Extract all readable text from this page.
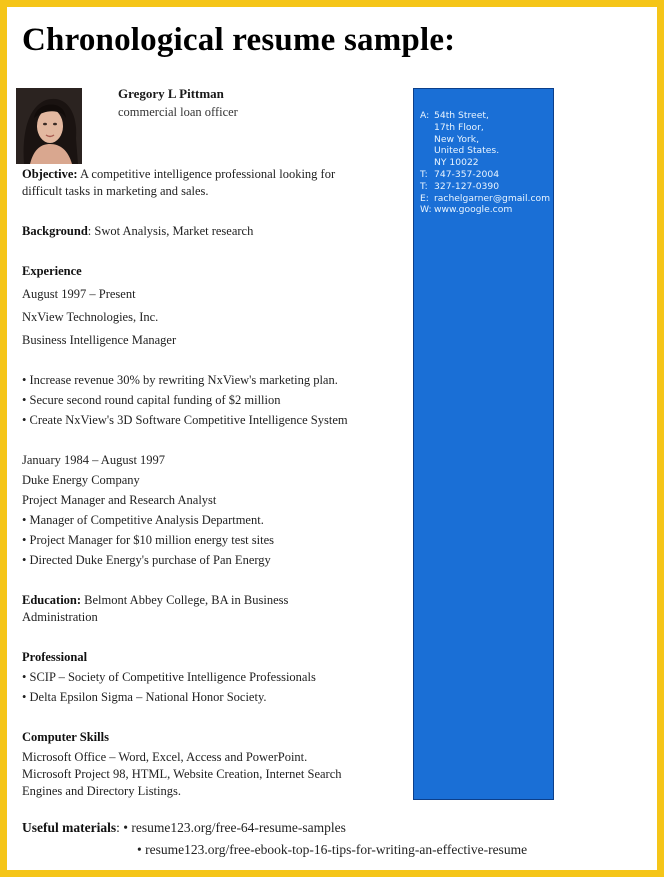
Chronological resume sample:
Gregory L Pittman
commercial loan officer
Objective: A competitive intelligence professional looking for
difficult tasks in marketing and sales.
Background: Swot Analysis, Market research
Experience
August 1997 – Present
NxView Technologies, Inc.
Business Intelligence Manager
• Increase revenue 30% by rewriting NxView's marketing plan.
• Secure second round capital funding of $2 million
• Create NxView's 3D Software Competitive Intelligence System
January 1984 – August 1997
Duke Energy Company
Project Manager and Research Analyst
• Manager of Competitive Analysis Department.
• Project Manager for $10 million energy test sites
• Directed Duke Energy's purchase of Pan Energy
Education: Belmont Abbey College, BA in Business
Administration
Professional
• SCIP – Society of Competitive Intelligence Professionals
• Delta Epsilon Sigma – National Honor Society.
Computer Skills
Microsoft Office – Word, Excel, Access and PowerPoint.
Microsoft Project 98, HTML, Website Creation, Internet Search
Engines and Directory Listings.
A: 54th Street,
17th Floor,
New York,
United States.
NY 10022
T: 747-357-2004
T: 327-127-0390
E: rachelgarner@gmail.com
W: www.google.com
Useful materials: • resume123.org/free-64-resume-samples
• resume123.org/free-ebook-top-16-tips-for-writing-an-effective-resume
